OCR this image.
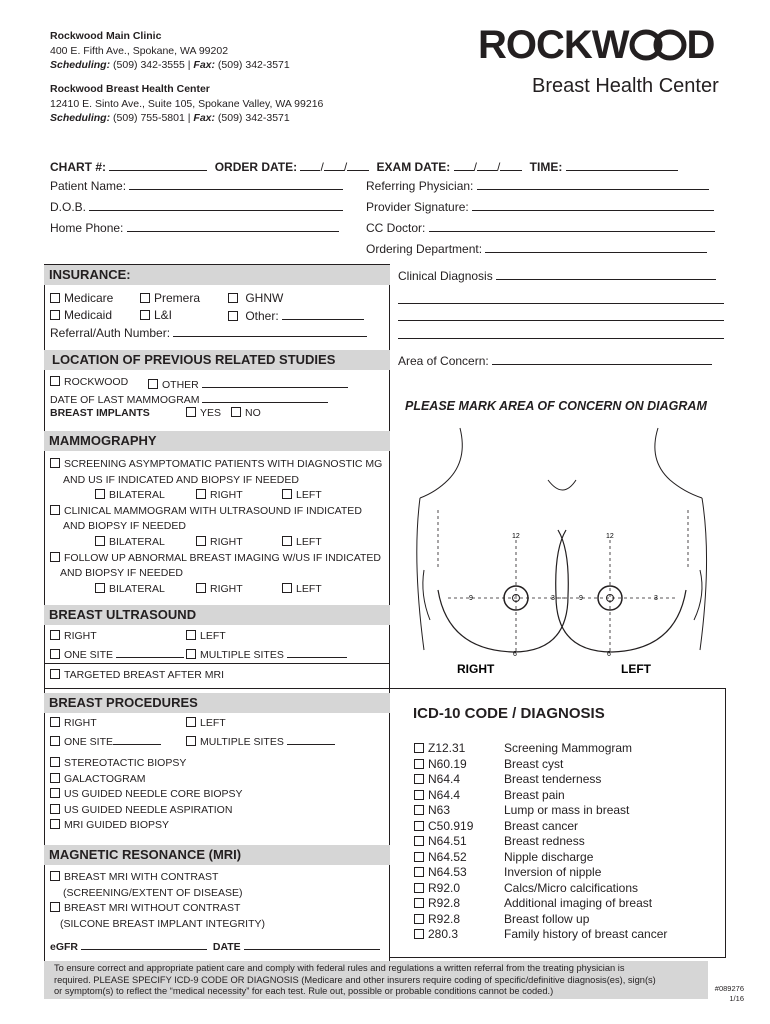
Rockwood Main Clinic
400 E. Fifth Ave., Spokane, WA 99202
Scheduling: (509) 342-3555 | Fax: (509) 342-3571
Rockwood Breast Health Center
12410 E. Sinto Ave., Suite 105, Spokane Valley, WA 99216
Scheduling: (509) 755-5801 | Fax: (509) 342-3571
ROCKW D
Breast Health Center
CHART #:	ORDER DATE: / / EXAM DATE: / / TIME:
Patient Name:
D.O.B.
Home Phone:
Referring Physician:
Provider Signature:
CC Doctor:
Ordering Department:
INSURANCE:
Medicare	Premera	GHNW
Medicaid	L&I	Other:
Referral/Auth Number:
LOCATION OF PREVIOUS RELATED STUDIES
ROCKWOOD	OTHER
DATE OF LAST MAMMOGRAM
BREAST IMPLANTS	YES	NO
MAMMOGRAPHY
SCREENING ASYMPTOMATIC PATIENTS WITH DIAGNOSTIC MG
AND US IF INDICATED AND BIOPSY IF NEEDED
BILATERAL	RIGHT	LEFT
CLINICAL MAMMOGRAM WITH ULTRASOUND IF INDICATED
AND BIOPSY IF NEEDED
BILATERAL	RIGHT	LEFT
FOLLOW UP ABNORMAL BREAST IMAGING W/US IF INDICATED
AND BIOPSY IF NEEDED
BILATERAL	RIGHT	LEFT
BREAST ULTRASOUND
RIGHT	LEFT
ONE SITE	MULTIPLE SITES
TARGETED BREAST AFTER MRI
BREAST PROCEDURES
RIGHT	LEFT
ONE SITE	MULTIPLE SITES
STEREOTACTIC BIOPSY
GALACTOGRAM
US GUIDED NEEDLE CORE BIOPSY
US GUIDED NEEDLE ASPIRATION
MRI GUIDED BIOPSY
MAGNETIC RESONANCE (MRI)
BREAST MRI WITH CONTRAST
(SCREENING/EXTENT OF DISEASE)
BREAST MRI WITHOUT CONTRAST
(SILCONE BREAST IMPLANT INTEGRITY)
eGFR	DATE
Clinical Diagnosis
Area of Concern:
PLEASE MARK AREA OF CONCERN ON DIAGRAM
12	12
9	9
3	3
6	6
RIGHT	LEFT
ICD-10 CODE / DIAGNOSIS
Z12.31	Screening Mammogram
N60.19	Breast cyst
N64.4	Breast tenderness
N64.4	Breast pain
N63	Lump or mass in breast
C50.919	Breast cancer
N64.51	Breast redness
N64.52	Nipple discharge
N64.53	Inversion of nipple
R92.0	Calcs/Micro calcifications
R92.8	Additional imaging of breast
R92.8	Breast follow up
280.3	Family history of breast cancer
To ensure correct and appropriate patient care and comply with federal rules and regulations a written referral from the treating physician is
required. PLEASE SPECIFY ICD-9 CODE OR DIAGNOSIS (Medicare and other insurers require coding of specific/definitive diagnosis(es), sign(s)
or symptom(s) to reflect the “medical necessity” for each test. Rule out, possible or probable conditions cannot be coded.)	#089276
1/16
